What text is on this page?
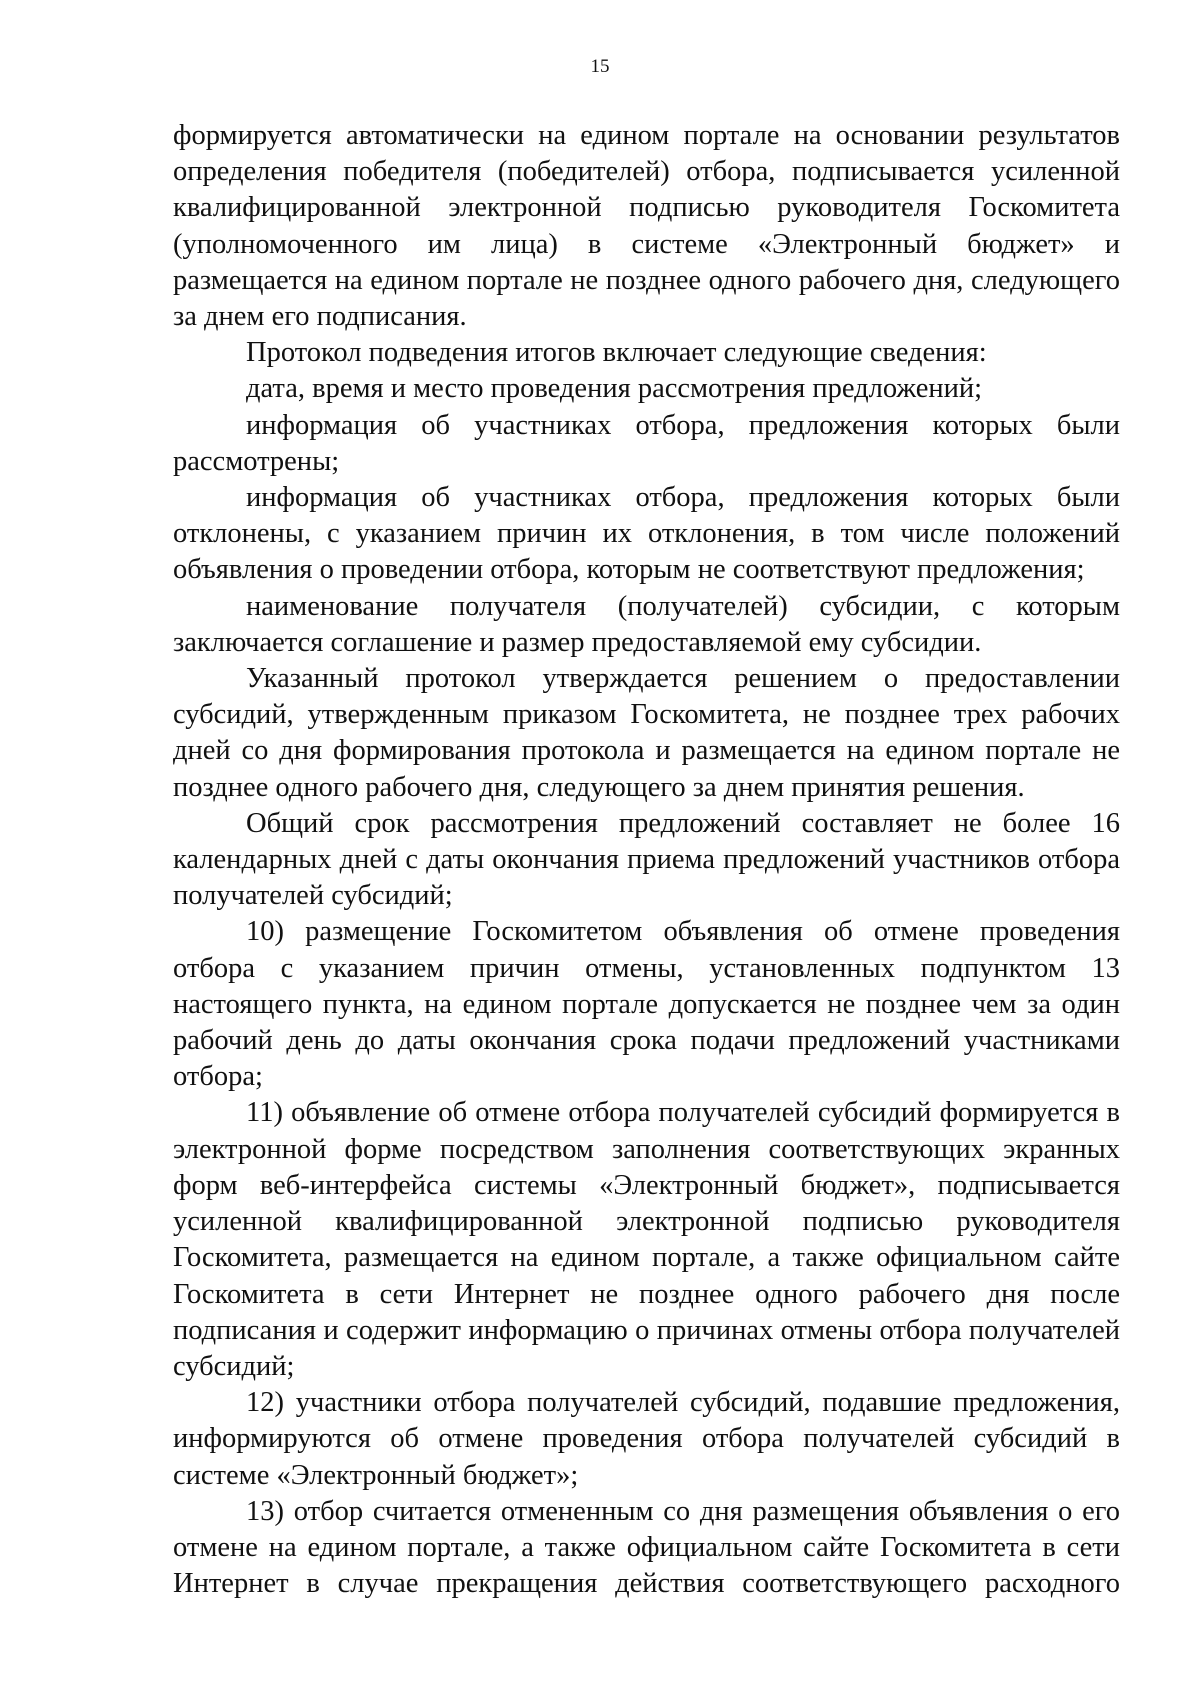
15

формируется автоматически на едином портале на основании результатов определения победителя (победителей) отбора, подписывается усиленной квалифицированной электронной подписью руководителя Госкомитета (уполномоченного им лица) в системе «Электронный бюджет» и размещается на едином портале не позднее одного рабочего дня, следующего за днем его подписания.

Протокол подведения итогов включает следующие сведения:

дата, время и место проведения рассмотрения предложений;

информация об участниках отбора, предложения которых были рассмотрены;

информация об участниках отбора, предложения которых были отклонены, с указанием причин их отклонения, в том числе положений объявления о проведении отбора, которым не соответствуют предложения;

наименование получателя (получателей) субсидии, с которым заключается соглашение и размер предоставляемой ему субсидии.

Указанный протокол утверждается решением о предоставлении субсидий, утвержденным приказом Госкомитета, не позднее трех рабочих дней со дня формирования протокола и размещается на едином портале не позднее одного рабочего дня, следующего за днем принятия решения.

Общий срок рассмотрения предложений составляет не более 16 календарных дней с даты окончания приема предложений участников отбора получателей субсидий;

10) размещение Госкомитетом объявления об отмене проведения отбора с указанием причин отмены, установленных подпунктом 13 настоящего пункта, на едином портале допускается не позднее чем за один рабочий день до даты окончания срока подачи предложений участниками отбора;

11) объявление об отмене отбора получателей субсидий формируется в электронной форме посредством заполнения соответствующих экранных форм веб-интерфейса системы «Электронный бюджет», подписывается усиленной квалифицированной электронной подписью руководителя Госкомитета, размещается на едином портале, а также официальном сайте Госкомитета в сети Интернет не позднее одного рабочего дня после подписания и содержит информацию о причинах отмены отбора получателей субсидий;

12) участники отбора получателей субсидий, подавшие предложения, информируются об отмене проведения отбора получателей субсидий в системе «Электронный бюджет»;

13) отбор считается отмененным со дня размещения объявления о его отмене на едином портале, а также официальном сайте Госкомитета в сети Интернет в случае прекращения действия соответствующего расходного
